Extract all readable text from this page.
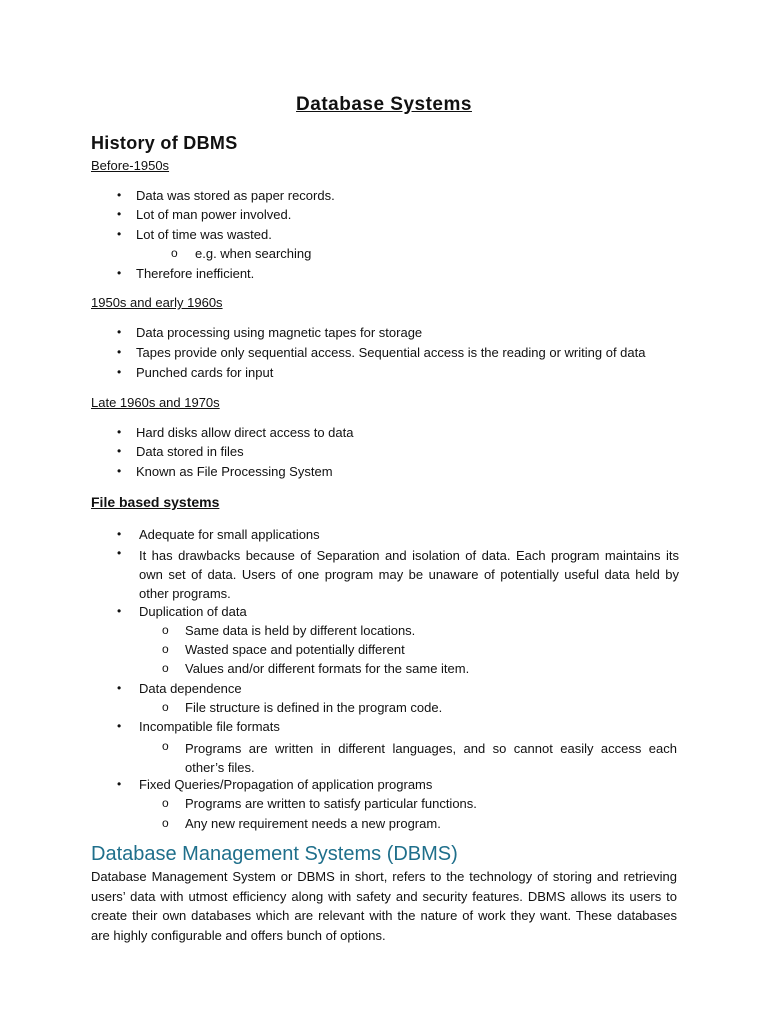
Database Systems
History of DBMS
Before-1950s
• Data was stored as paper records.
• Lot of man power involved.
• Lot of time was wasted.
o e.g. when searching
• Therefore inefficient.
1950s and early 1960s
• Data processing using magnetic tapes for storage
• Tapes provide only sequential access. Sequential access is the reading or writing of data
• Punched cards for input
Late 1960s and 1970s
• Hard disks allow direct access to data
• Data stored in files
• Known as File Processing System
File based systems
• Adequate for small applications
• It has drawbacks because of Separation and isolation of data. Each program maintains its own set of data. Users of one program may be unaware of potentially useful data held by other programs.
• Duplication of data
o Same data is held by different locations.
o Wasted space and potentially different
o Values and/or different formats for the same item.
• Data dependence
o File structure is defined in the program code.
• Incompatible file formats
o Programs are written in different languages, and so cannot easily access each other’s files.
• Fixed Queries/Propagation of application programs
o Programs are written to satisfy particular functions.
o Any new requirement needs a new program.
Database Management Systems (DBMS)
Database Management System or DBMS in short, refers to the technology of storing and retrieving users’ data with utmost efficiency along with safety and security features. DBMS allows its users to create their own databases which are relevant with the nature of work they want. These databases are highly configurable and offers bunch of options.
